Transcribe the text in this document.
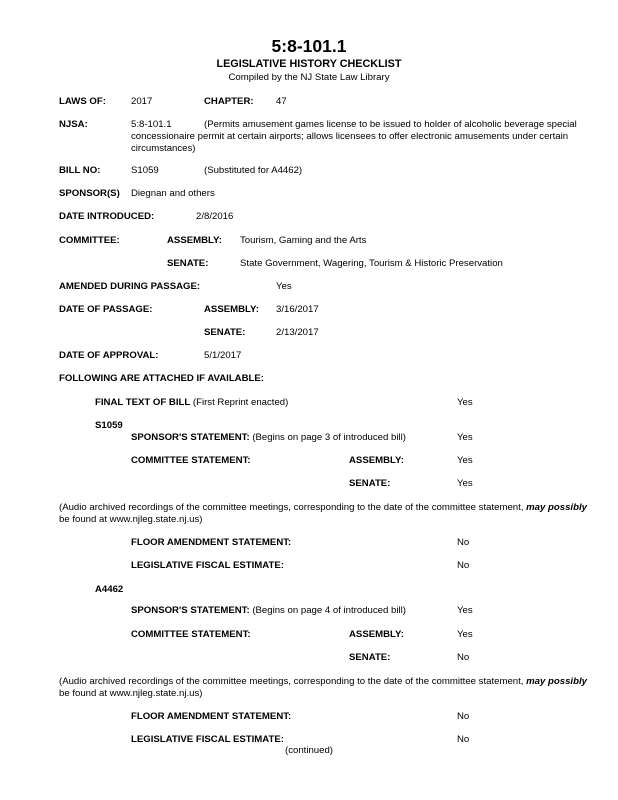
5:8-101.1
LEGISLATIVE HISTORY CHECKLIST
Compiled by the NJ State Law Library
LAWS OF:	2017	CHAPTER: 47
NJSA:	5:8-101.1	(Permits amusement games license to be issued to holder of alcoholic beverage special
concessionaire permit at certain airports; allows licensees to offer electronic amusements under certain
circumstances)
BILL NO:	S1059	(Substituted for A4462)
SPONSOR(S) Diegnan and others
DATE INTRODUCED:	2/8/2016
COMMITTEE:	ASSEMBLY: Tourism, Gaming and the Arts
SENATE:	State Government, Wagering, Tourism & Historic Preservation
AMENDED DURING PASSAGE:	Yes
DATE OF PASSAGE:	ASSEMBLY: 3/16/2017
SENATE:	2/13/2017
DATE OF APPROVAL:	5/1/2017
FOLLOWING ARE ATTACHED IF AVAILABLE:
FINAL TEXT OF BILL (First Reprint enacted)	Yes
S1059
SPONSOR'S STATEMENT: (Begins on page 3 of introduced bill)	Yes
COMMITTEE STATEMENT:	ASSEMBLY:	Yes
SENATE:	Yes
(Audio archived recordings of the committee meetings, corresponding to the date of the committee statement, may possibly
be found at www.njleg.state.nj.us)
FLOOR AMENDMENT STATEMENT:	No
LEGISLATIVE FISCAL ESTIMATE:	No
A4462
SPONSOR'S STATEMENT: (Begins on page 4 of introduced bill)	Yes
COMMITTEE STATEMENT:	ASSEMBLY:	Yes
SENATE:	No
(Audio archived recordings of the committee meetings, corresponding to the date of the committee statement, may possibly
be found at www.njleg.state.nj.us)
FLOOR AMENDMENT STATEMENT:	No
LEGISLATIVE FISCAL ESTIMATE:	No
(continued)
